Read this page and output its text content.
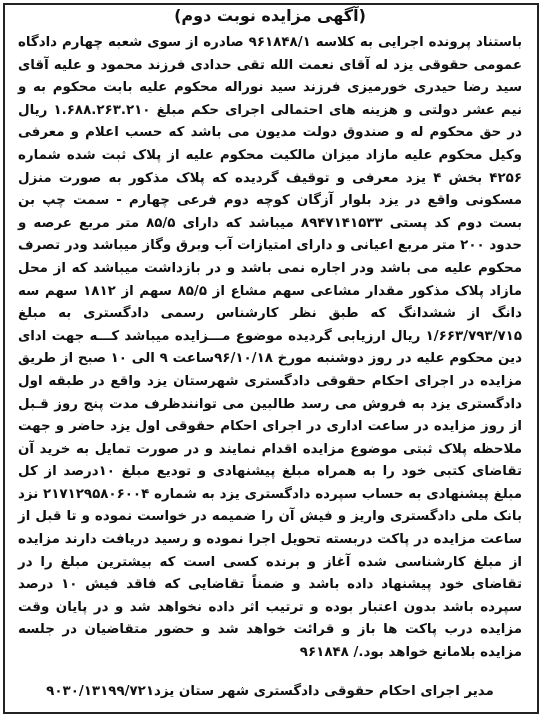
(آگهی مزایده نوبت دوم)

باستناد پرونده اجرایی به کلاسه ۹۶۱۸۴۸/۱ صادره از سوی شعبه چهارم دادگاه عمومی حقوقی یزد له آقای نعمت الله تقی حدادی فرزند محمود و علیه آقای سید رضا حیدری خورمیزی فرزند سید نوراله محکوم علیه بابت محکوم به و نیم عشر دولتی و هزینه های احتمالی اجرای حکم مبلغ ۱.۶۸۸.۲۶۳.۲۱۰ ریال در حق محکوم له و صندوق دولت مدیون می باشد که حسب اعلام و معرفی وکیل محکوم علیه مازاد میزان مالکیت محکوم علیه از پلاک ثبت شده شماره ۴۲۵۶ بخش ۴ یزد معرفی و توقیف گردیده که پلاک مذکور به صورت منزل مسکونی واقع در یزد بلوار آزگان کوچه دوم فرعی چهارم - سمت چپ بن بست دوم کد پستی ۸۹۴۷۱۴۱۵۳۳ میباشد که دارای ۸۵/۵ متر مربع عرصه و حدود ۲۰۰ متر مربع اعیانی و دارای امتیازات آب وبرق وگاز میباشد ودر تصرف محکوم علیه می باشد ودر اجاره نمی باشد و در بازداشت میباشد که از محل مازاد پلاک مذکور مقدار مشاعی سهم مشاع از ۸۵/۵ سهم از ۱۸۱۲ سهم سه دانگ از ششدانگ که طبق نظر کارشناس رسمی دادگستری به مبلغ ۱/۶۶۳/۷۹۳/۷۱۵ ریال ارزیابی گردیده موضوع مـــزایده میباشد کـــه جهت ادای دین محکوم علیه در روز دوشنبه مورخ ۹۶/۱۰/۱۸ساعت ۹ الی ۱۰ صبح از طریق مزایده در اجرای احکام حقوقی دادگستری شهرستان یزد واقع در طبقه اول دادگستری یزد به فروش می رسد طالبین می توانندظرف مدت پنج روز قـبل از روز مزایده در ساعت اداری در اجرای احکام حقوقی اول یزد حاضر و جهت ملاحظه پلاک ثبتی موضوع مزایده اقدام نمایند و در صورت تمایل به خرید آن تقاضای کتبی خود را به همراه مبلغ پیشنهادی و تودیع مبلغ ۱۰درصد از کل مبلغ پیشنهادی به حساب سپرده دادگستری یزد به شماره ۲۱۷۱۲۹۵۸۰۶۰۰۴ نزد بانک ملی دادگستری واریز و فیش آن را ضمیمه در خواست نموده و تا قبل از ساعت مزایده در پاکت دربسته تحویل اجرا نموده و رسید دریافت دارند مزایده از مبلغ کارشناسی شده آغاز و برنده کسی است که بیشترین مبلغ را در تقاضای خود پیشنهاد داده باشد و ضمناً تقاضایی که فاقد فیش ۱۰ درصد سپرده باشد بدون اعتبار بوده و ترتیب اثر داده نخواهد شد و در پایان وقت مزایده درب پاکت ها باز و قرائت خواهد شد و حضور متقاضیان در جلسه مزایده بلامانع خواهد بود./ ۹۶۱۸۴۸

مدیر اجرای احکام حقوقی دادگستری شهر ستان یزد۹۰۳۰/۱۳۱۹۹/۷۲۱
